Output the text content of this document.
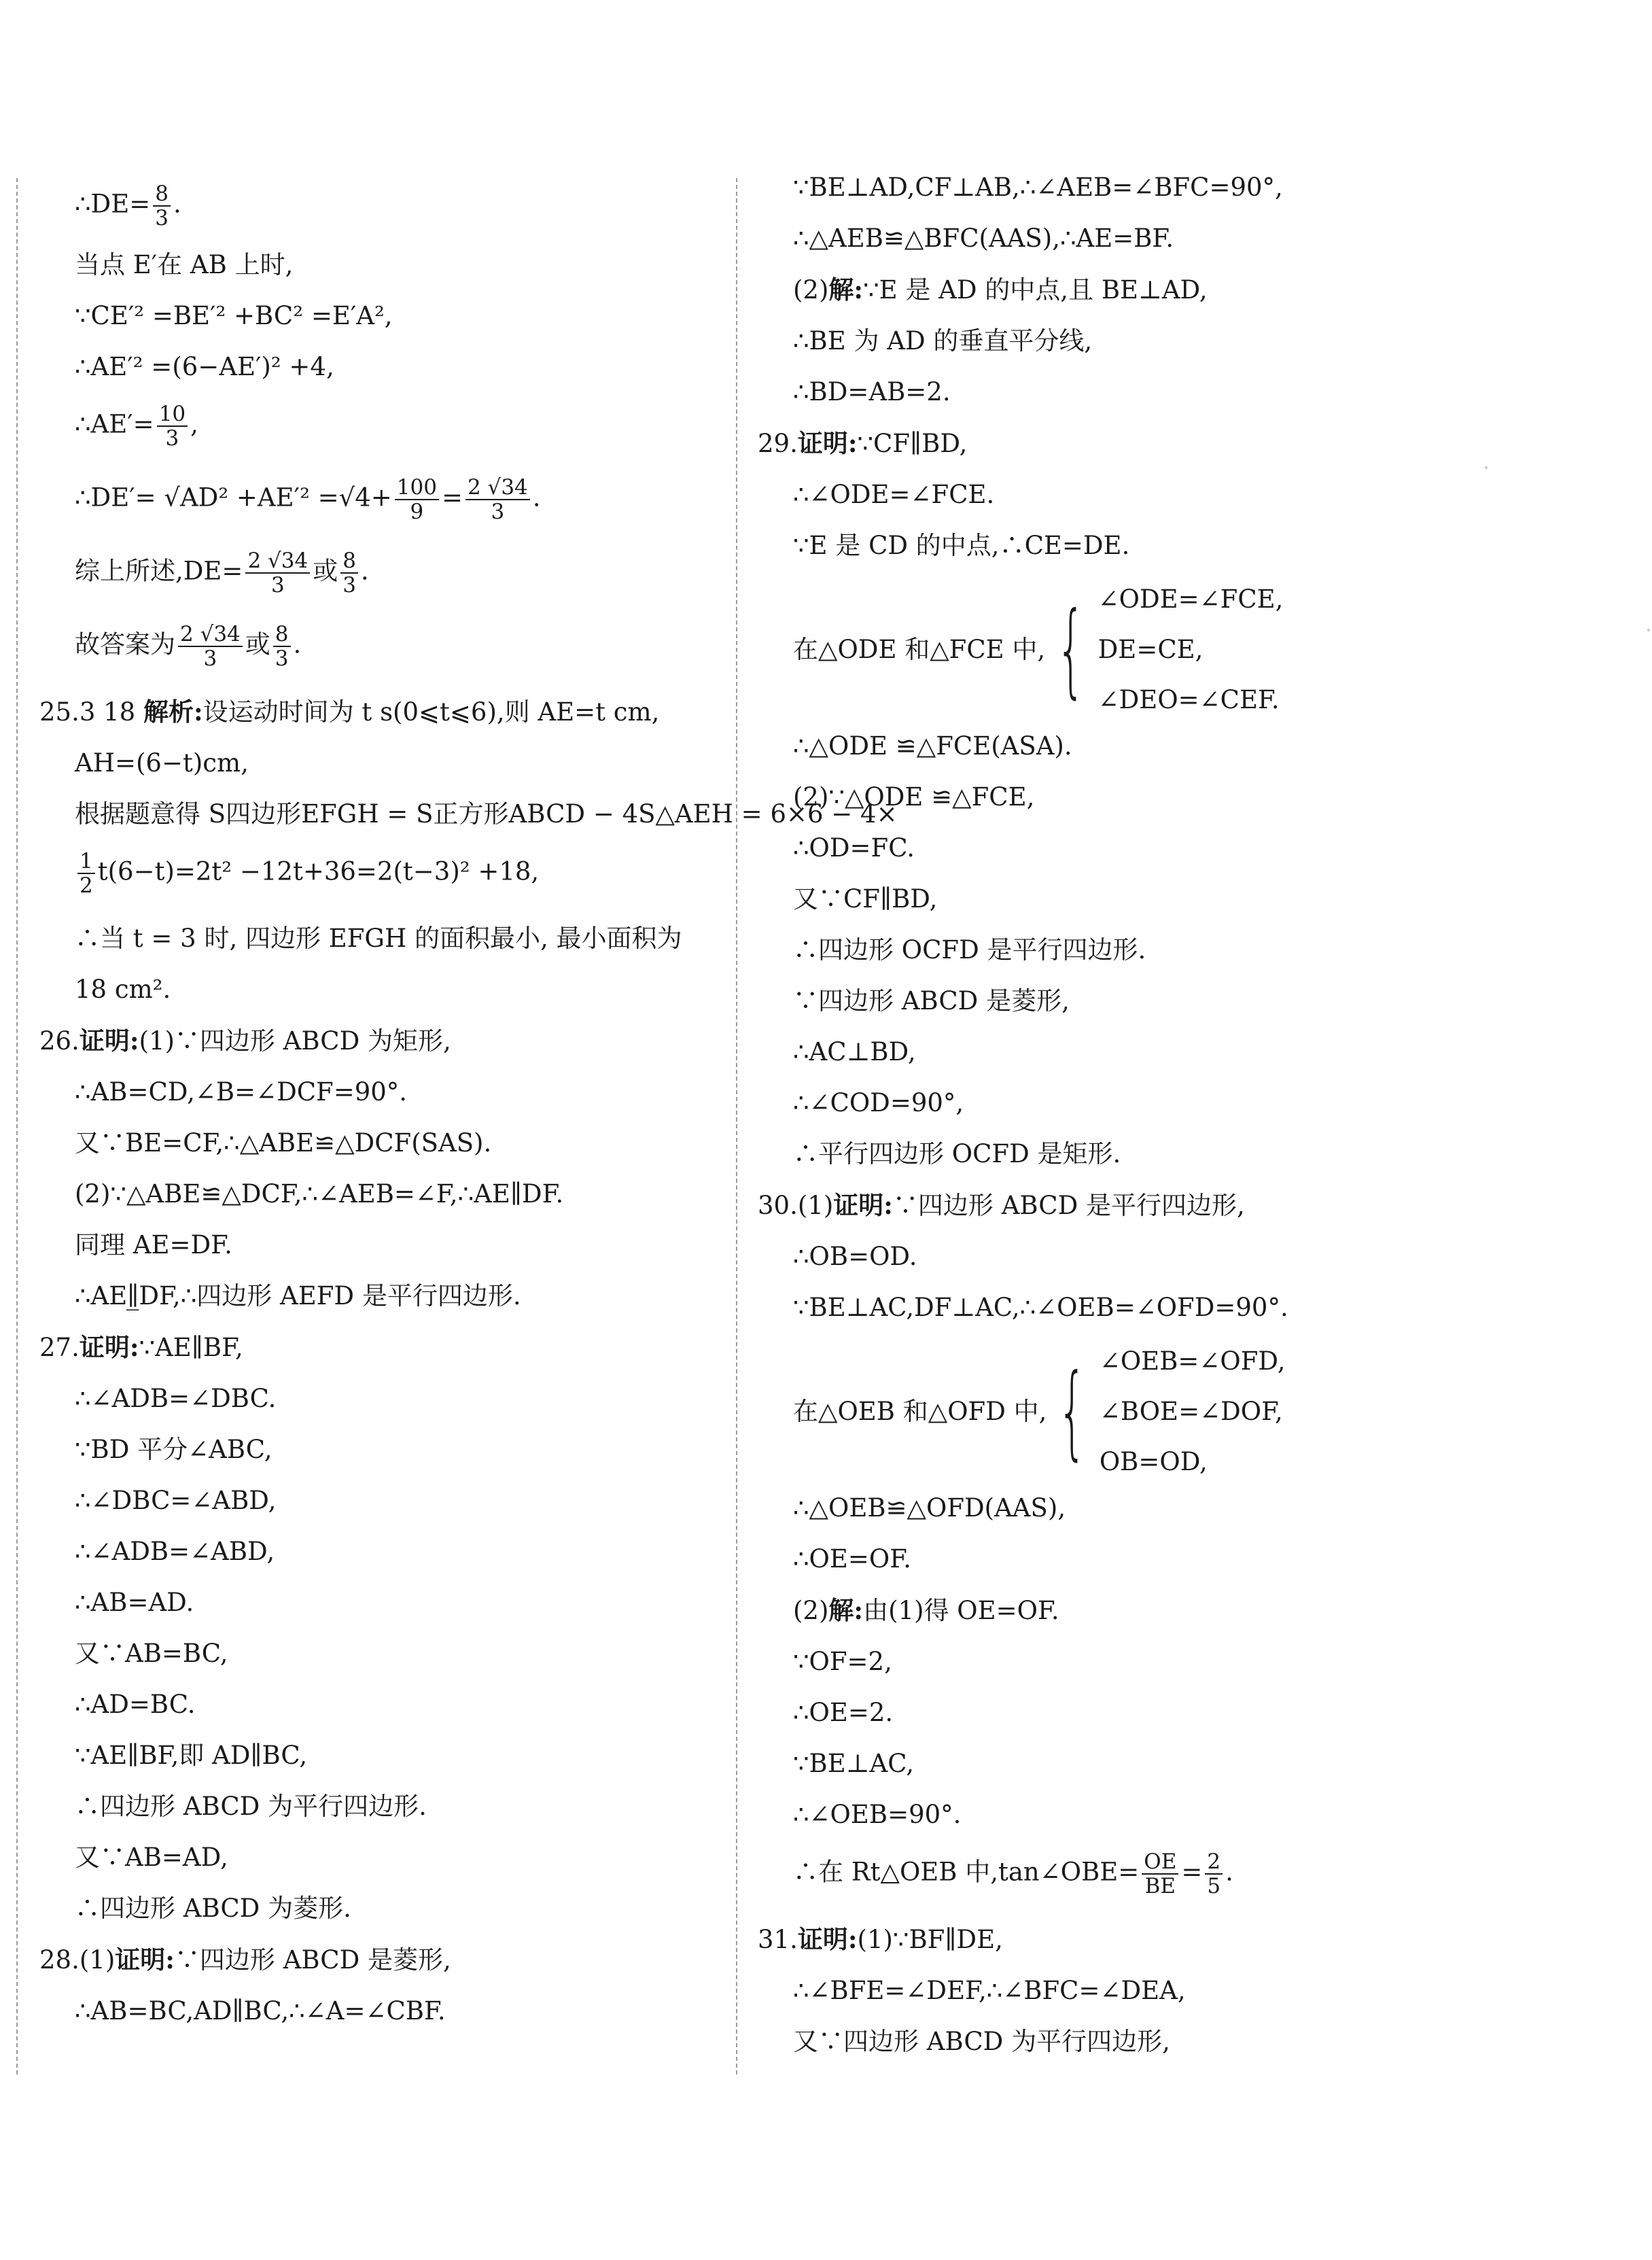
∴DE= $\frac{8}{3}$ .
当点 E′在 AB 上时,
∵CE′² =BE′² +BC² =E′A²,
∴AE′² =(6−AE′)² +4,
∴AE′= $\frac{10}{3}$ ,
∴DE′= $√AD^2 +AE'^2 =√4+ \frac{100}{9} = \frac{2 √34}{3}$ .
综上所述$,DE= \frac{2 √34}{3}$ 或 $\frac{8}{3}$ .
故答案为 $\frac{2 √34}{3}$ 或 $\frac{8}{3}$ .
25.3 18 解析:设运动时间为 t s(0⩽t⩽6),则 AE=t cm,
AH=(6−t)cm,
根据题意得 S四边形EFGH = S正方形ABCD − 4S△AEH = 6×6 − 4×
$\frac{1}{2} t(6-t)=2t^2 -12t+36=2(t-3)^2 +18$,
∴当 t = 3 时, 四边形 EFGH 的面积最小, 最小面积为
18 cm².
26.证明:(1)∵四边形 ABCD 为矩形,
∴AB=CD,∠B=∠DCF=90°.
又∵BE=CF,∴△ABE≌△DCF(SAS).
(2)∵△ABE≌△DCF,∴∠AEB=∠F,∴AE∥DF.
同理 AE=DF.
∴AE∥̲DF,∴四边形 AEFD 是平行四边形.
27.证明:∵AE∥BF,
∴∠ADB=∠DBC.
∵BD 平分∠ABC,
∴∠DBC=∠ABD,
∴∠ADB=∠ABD,
∴AB=AD.
又∵AB=BC,
∴AD=BC.
∵AE∥BF,即 AD∥BC,
∴四边形 ABCD 为平行四边形.
又∵AB=AD,
∴四边形 ABCD 为菱形.
28.(1)证明:∵四边形 ABCD 是菱形,
∴AB=BC,AD∥BC,∴∠A=∠CBF.
∵BE⊥AD,CF⊥AB,∴∠AEB=∠BFC=90°,
∴△AEB≌△BFC(AAS),∴AE=BF.
(2)解:∵E 是 AD 的中点,且 BE⊥AD,
∴BE 为 AD 的垂直平分线,
∴BD=AB=2.
29.证明:∵CF∥BD,
∴∠ODE=∠FCE.
∵E 是 CD 的中点,∴CE=DE.
在△ODE 和△FCE 中, { ∠ODE=∠FCE,
DE=CE,
∠DEO=∠CEF.
∴△ODE ≌△FCE(ASA).
(2)∵△ODE ≌△FCE,
∴OD=FC.
又∵CF∥BD,
∴四边形 OCFD 是平行四边形.
∵四边形 ABCD 是菱形,
∴AC⊥BD,
∴∠COD=90°,
∴平行四边形 OCFD 是矩形.
30.(1)证明:∵四边形 ABCD 是平行四边形,
∴OB=OD.
∵BE⊥AC,DF⊥AC,∴∠OEB=∠OFD=90°.
在△OEB 和△OFD 中, { ∠OEB=∠OFD,
∠BOE=∠DOF,
OB=OD,
∴△OEB≌△OFD(AAS),
∴OE=OF.
(2)解:由(1)得 OE=OF.
∵OF=2,
∴OE=2.
∵BE⊥AC,
∴∠OEB=90°.
∴在 Rt△OEB 中,tan∠OBE= $\frac{OE}{BE} = \frac{2}{5}$ .
31.证明:(1)∵BF∥DE,
∴∠BFE=∠DEF,∴∠BFC=∠DEA,
又∵四边形 ABCD 为平行四边形,
